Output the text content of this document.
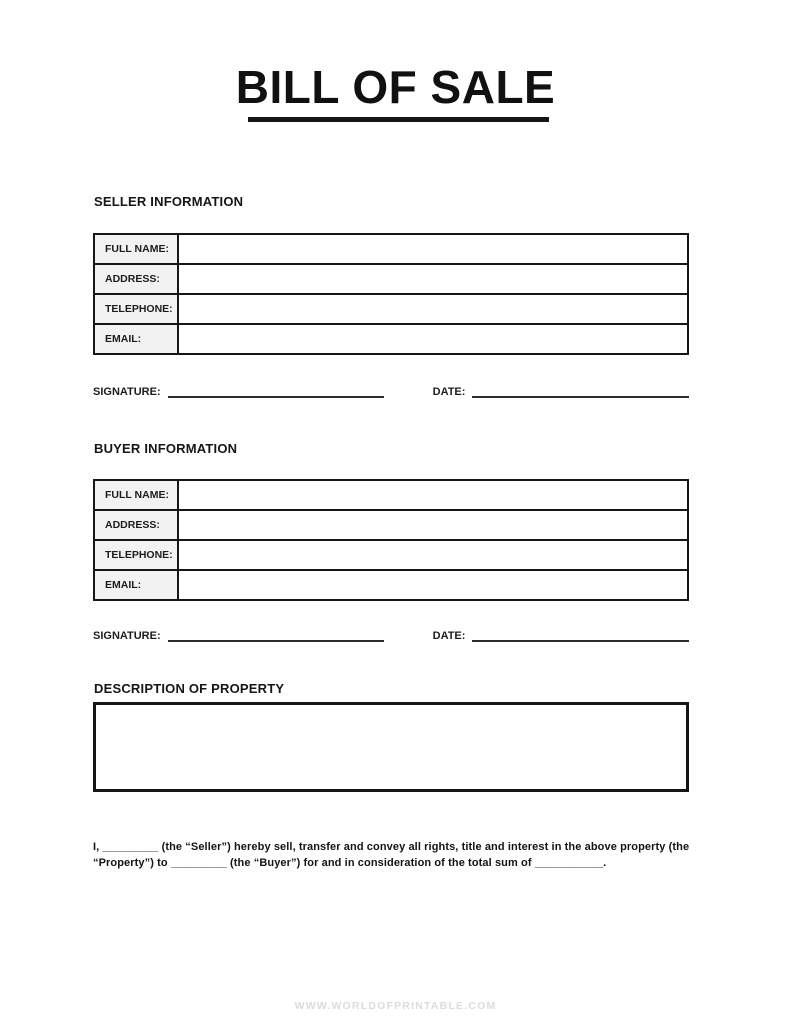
BILL OF SALE
SELLER INFORMATION
FULL NAME:	
ADDRESS:	
TELEPHONE:	
EMAIL:	
SIGNATURE:	DATE:
BUYER INFORMATION
FULL NAME:	
ADDRESS:	
TELEPHONE:	
EMAIL:	
SIGNATURE:	DATE:
DESCRIPTION OF PROPERTY

I, _________ (the “Seller”) hereby sell, transfer and convey all rights, title and interest in the above property (the “Property”) to _________ (the “Buyer”) for and in consideration of the total sum of ___________.

WWW.WORLDOFPRINTABLE.COM
